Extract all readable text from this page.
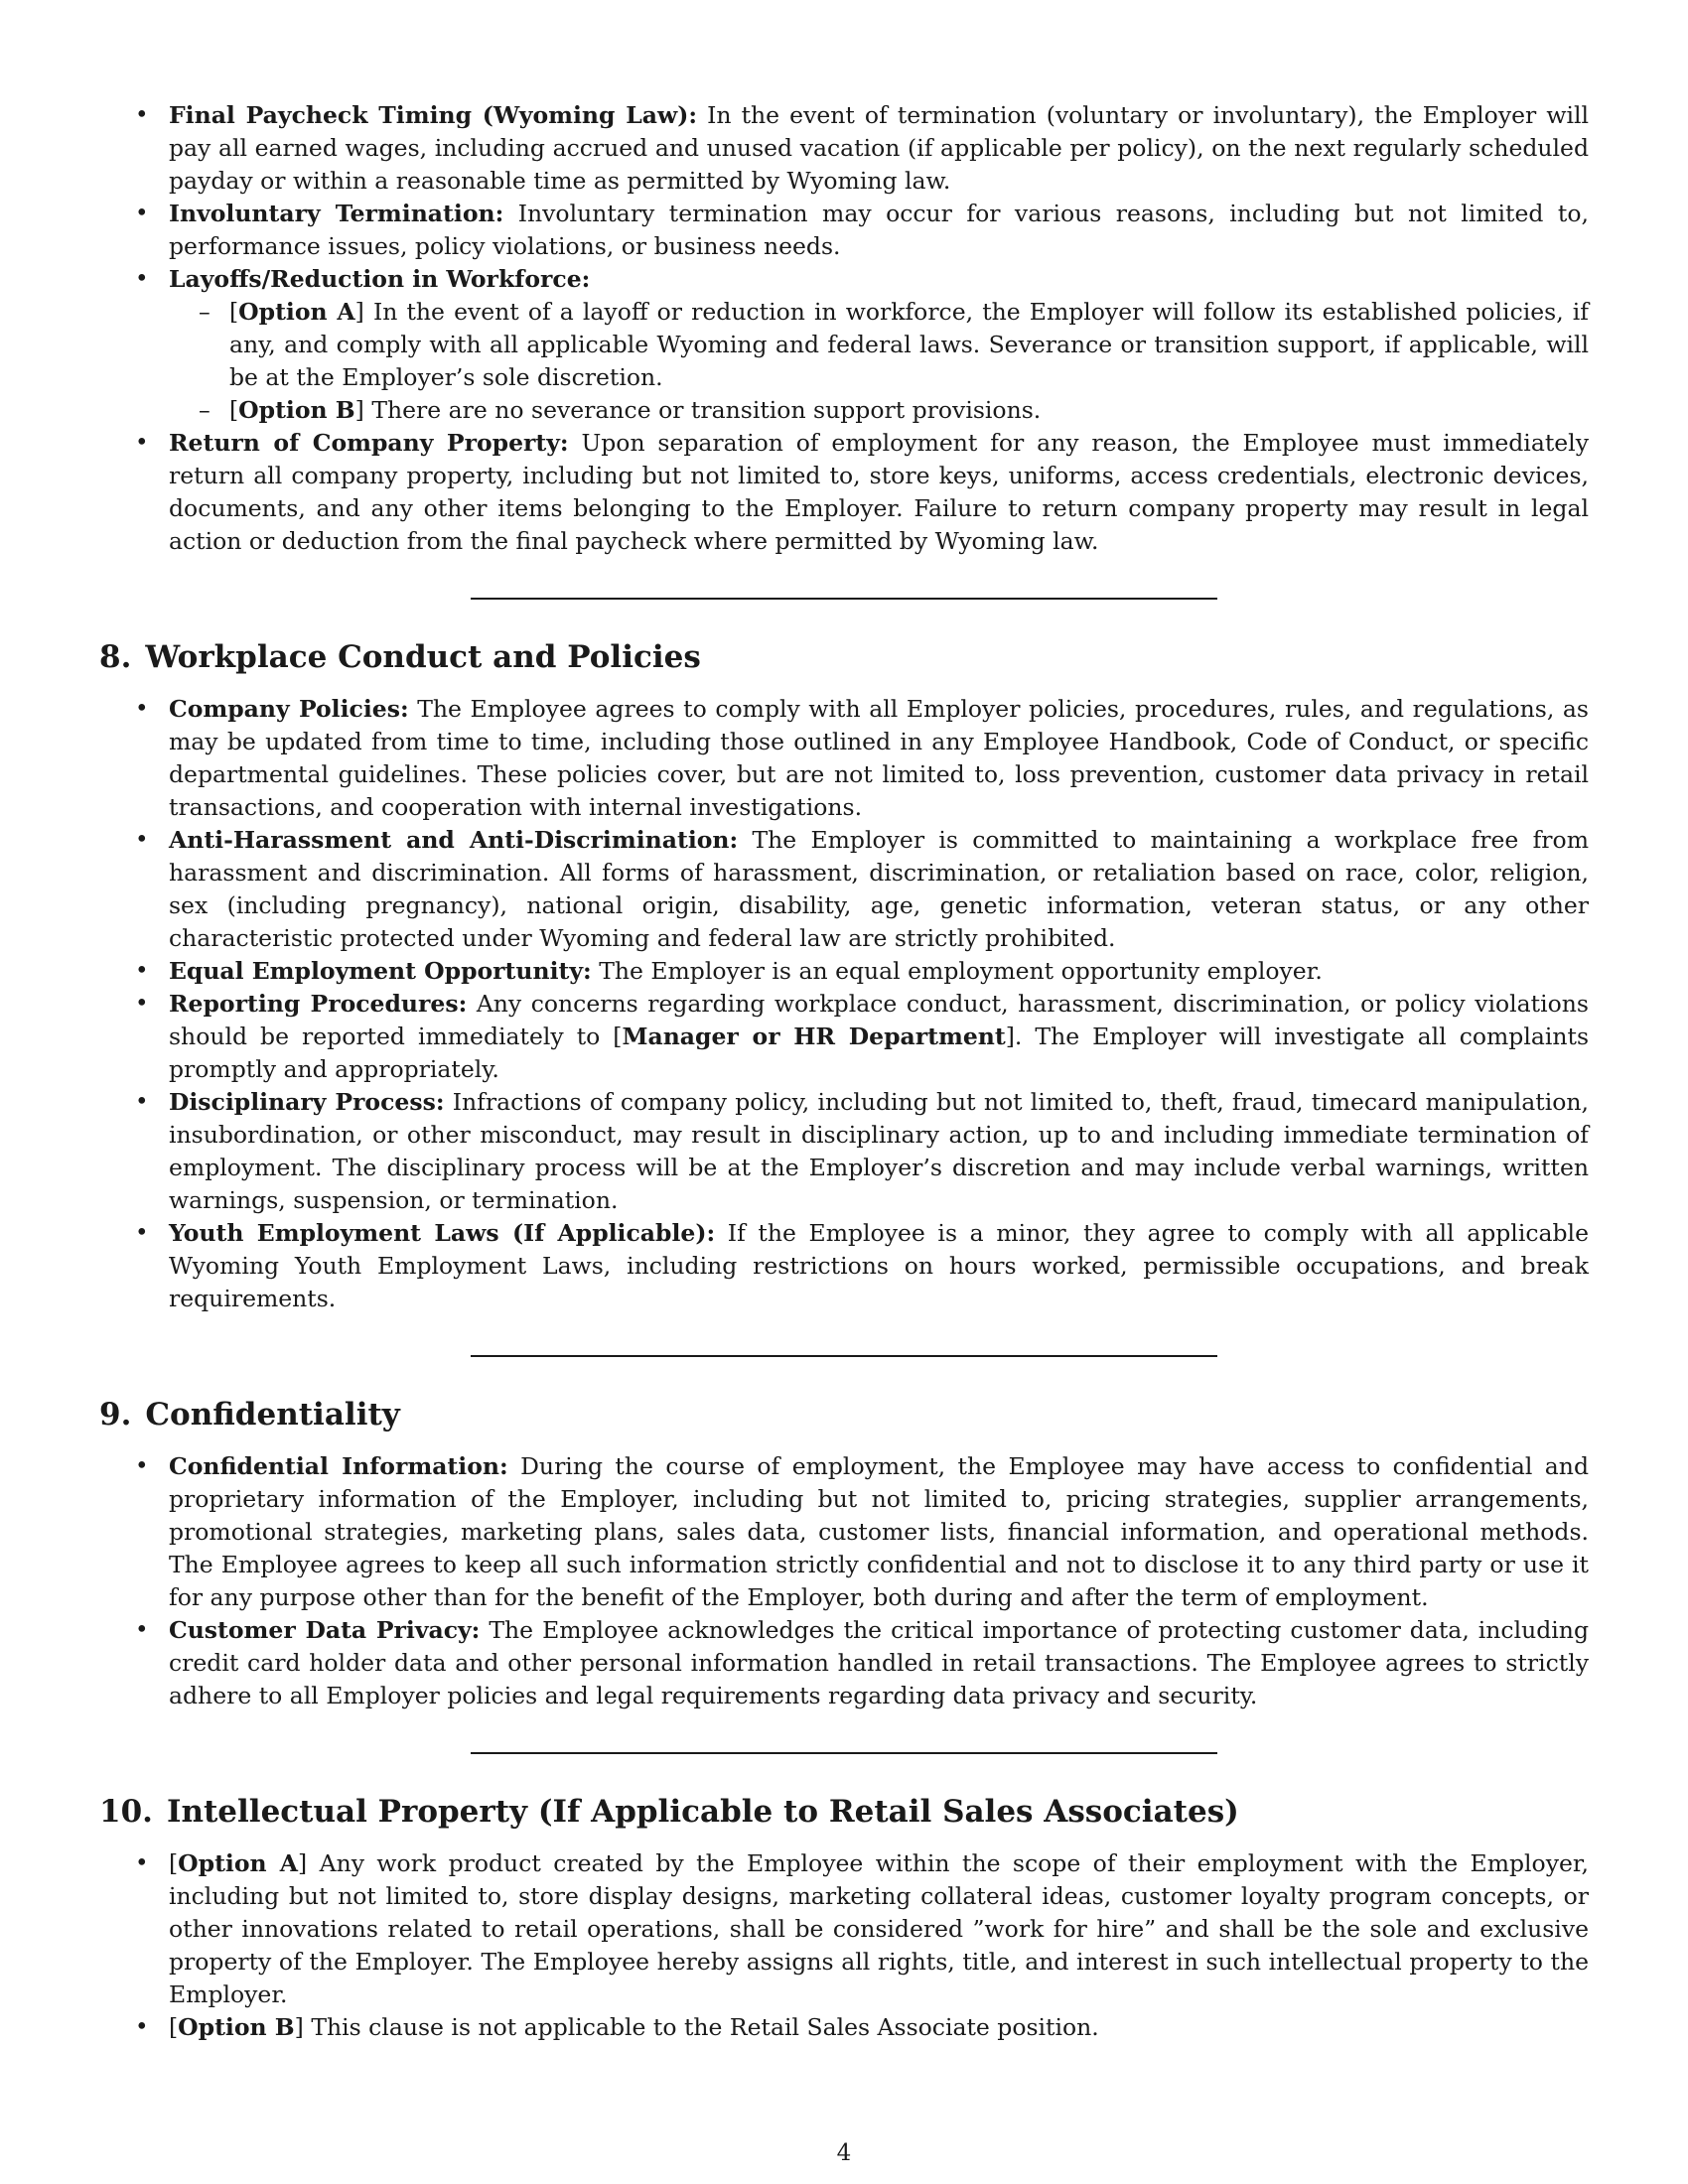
• Final Paycheck Timing (Wyoming Law): In the event of termination (voluntary or involuntary), the Employer will pay all earned wages, including accrued and unused vacation (if applicable per policy), on the next regularly scheduled payday or within a reasonable time as permitted by Wyoming law.
• Involuntary Termination: Involuntary termination may occur for various reasons, including but not limited to, performance issues, policy violations, or business needs.
• Layoffs/Reduction in Workforce:
– [Option A] In the event of a layoff or reduction in workforce, the Employer will follow its established policies, if any, and comply with all applicable Wyoming and federal laws. Severance or transition support, if applicable, will be at the Employer’s sole discretion.
– [Option B] There are no severance or transition support provisions.
• Return of Company Property: Upon separation of employment for any reason, the Employee must immediately return all company property, including but not limited to, store keys, uniforms, access credentials, electronic devices, documents, and any other items belonging to the Employer. Failure to return company property may result in legal action or deduction from the final paycheck where permitted by Wyoming law.
8. Workplace Conduct and Policies
• Company Policies: The Employee agrees to comply with all Employer policies, procedures, rules, and regulations, as may be updated from time to time, including those outlined in any Employee Handbook, Code of Conduct, or specific departmental guidelines. These policies cover, but are not limited to, loss prevention, customer data privacy in retail transactions, and cooperation with internal investigations.
• Anti-Harassment and Anti-Discrimination: The Employer is committed to maintaining a workplace free from harassment and discrimination. All forms of harassment, discrimination, or retaliation based on race, color, religion, sex (including pregnancy), national origin, disability, age, genetic information, veteran status, or any other characteristic protected under Wyoming and federal law are strictly prohibited.
• Equal Employment Opportunity: The Employer is an equal employment opportunity employer.
• Reporting Procedures: Any concerns regarding workplace conduct, harassment, discrimination, or policy violations should be reported immediately to [Manager or HR Department]. The Employer will investigate all complaints promptly and appropriately.
• Disciplinary Process: Infractions of company policy, including but not limited to, theft, fraud, timecard manipulation, insubordination, or other misconduct, may result in disciplinary action, up to and including immediate termination of employment. The disciplinary process will be at the Employer’s discretion and may include verbal warnings, written warnings, suspension, or termination.
• Youth Employment Laws (If Applicable): If the Employee is a minor, they agree to comply with all applicable Wyoming Youth Employment Laws, including restrictions on hours worked, permissible occupations, and break requirements.
9. Confidentiality
• Confidential Information: During the course of employment, the Employee may have access to confidential and proprietary information of the Employer, including but not limited to, pricing strategies, supplier arrangements, promotional strategies, marketing plans, sales data, customer lists, financial information, and operational methods. The Employee agrees to keep all such information strictly confidential and not to disclose it to any third party or use it for any purpose other than for the benefit of the Employer, both during and after the term of employment.
• Customer Data Privacy: The Employee acknowledges the critical importance of protecting customer data, including credit card holder data and other personal information handled in retail transactions. The Employee agrees to strictly adhere to all Employer policies and legal requirements regarding data privacy and security.
10. Intellectual Property (If Applicable to Retail Sales Associates)
• [Option A] Any work product created by the Employee within the scope of their employment with the Employer, including but not limited to, store display designs, marketing collateral ideas, customer loyalty program concepts, or other innovations related to retail operations, shall be considered ”work for hire” and shall be the sole and exclusive property of the Employer. The Employee hereby assigns all rights, title, and interest in such intellectual property to the Employer.
• [Option B] This clause is not applicable to the Retail Sales Associate position.
4
